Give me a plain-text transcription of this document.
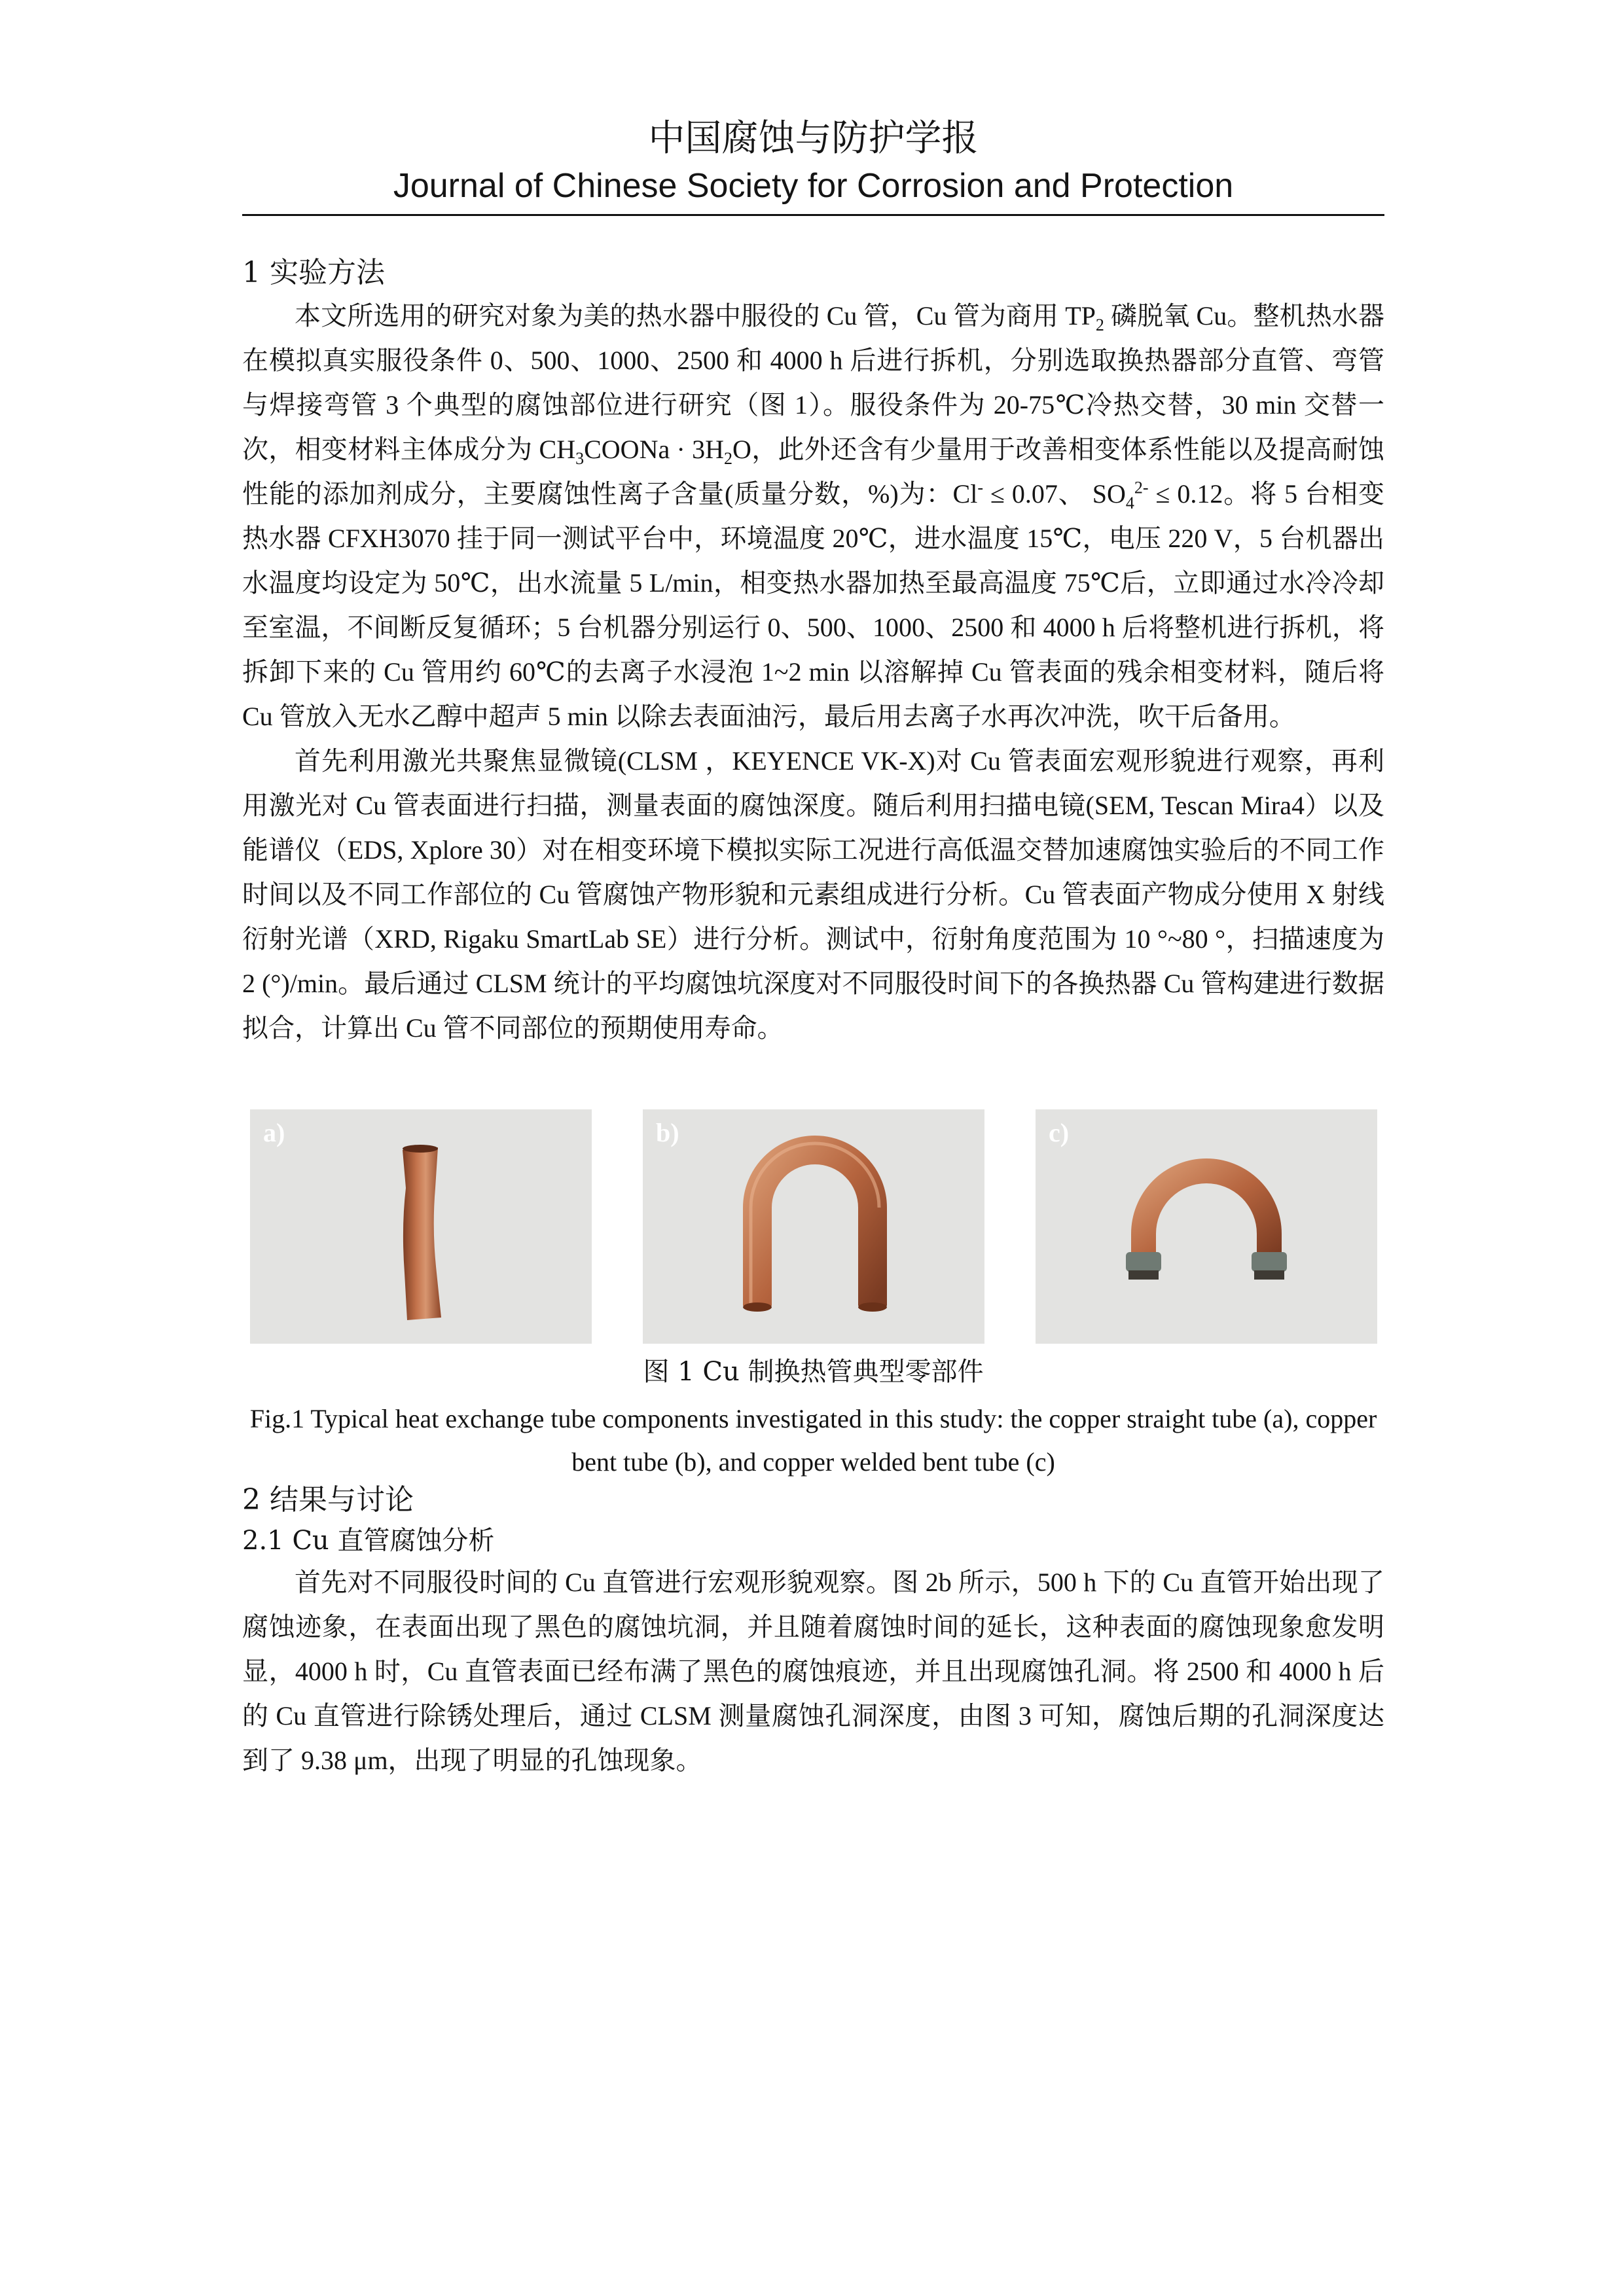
中国腐蚀与防护学报

Journal of Chinese Society for Corrosion and Protection

1 实验方法

本文所选用的研究对象为美的热水器中服役的 Cu 管，Cu 管为商用 $TP_2$ 磷脱氧 Cu。整机热水器在模拟真实服役条件 0、500、1000、2500 和 4000 h 后进行拆机，分别选取换热器部分直管、弯管与焊接弯管 3 个典型的腐蚀部位进行研究（图 1）。服役条件为 20-75℃冷热交替，30 min 交替一次，相变材料主体成分为 $CH_3COONa \cdot 3H_2O$，此外还含有少量用于改善相变体系性能以及提高耐蚀性能的添加剂成分，主要腐蚀性离子含量(质量分数，%)为：Cl- ≤ 0.07、 $SO_4^{2-} \le 0.12$。将 5 台相变热水器 CFXH3070 挂于同一测试平台中，环境温度 20℃，进水温度 15℃，电压 220 V，5 台机器出水温度均设定为 50℃，出水流量 5 L/min，相变热水器加热至最高温度 75℃后，立即通过水冷冷却至室温，不间断反复循环；5 台机器分别运行 0、500、1000、2500 和 4000 h 后将整机进行拆机，将拆卸下来的 Cu 管用约 60℃的去离子水浸泡 1~2 min 以溶解掉 Cu 管表面的残余相变材料，随后将 Cu 管放入无水乙醇中超声 5 min 以除去表面油污，最后用去离子水再次冲洗，吹干后备用。

首先利用激光共聚焦显微镜(CLSM ，KEYENCE VK-X)对 Cu 管表面宏观形貌进行观察，再利用激光对 Cu 管表面进行扫描，测量表面的腐蚀深度。随后利用扫描电镜(SEM, Tescan Mira4）以及能谱仪（EDS, Xplore 30）对在相变环境下模拟实际工况进行高低温交替加速腐蚀实验后的不同工作时间以及不同工作部位的 Cu 管腐蚀产物形貌和元素组成进行分析。Cu 管表面产物成分使用 X 射线衍射光谱（XRD, Rigaku SmartLab SE）进行分析。测试中，衍射角度范围为 10 °~80 °，扫描速度为 2 (°)/min。最后通过 CLSM 统计的平均腐蚀坑深度对不同服役时间下的各换热器 Cu 管构建进行数据拟合，计算出 Cu 管不同部位的预期使用寿命。

a)	b)	c)
图 1 Cu 制换热管典型零部件
Fig.1 Typical heat exchange tube components investigated in this study: the copper straight tube (a), copper bent tube (b), and copper welded bent tube (c)
2 结果与讨论
2.1 Cu 直管腐蚀分析

首先对不同服役时间的 Cu 直管进行宏观形貌观察。图 2b 所示，500 h 下的 Cu 直管开始出现了腐蚀迹象，在表面出现了黑色的腐蚀坑洞，并且随着腐蚀时间的延长，这种表面的腐蚀现象愈发明显，4000 h 时，Cu 直管表面已经布满了黑色的腐蚀痕迹，并且出现腐蚀孔洞。将 2500 和 4000 h 后的 Cu 直管进行除锈处理后，通过 CLSM 测量腐蚀孔洞深度，由图 3 可知，腐蚀后期的孔洞深度达到了 9.38 μm，出现了明显的孔蚀现象。
